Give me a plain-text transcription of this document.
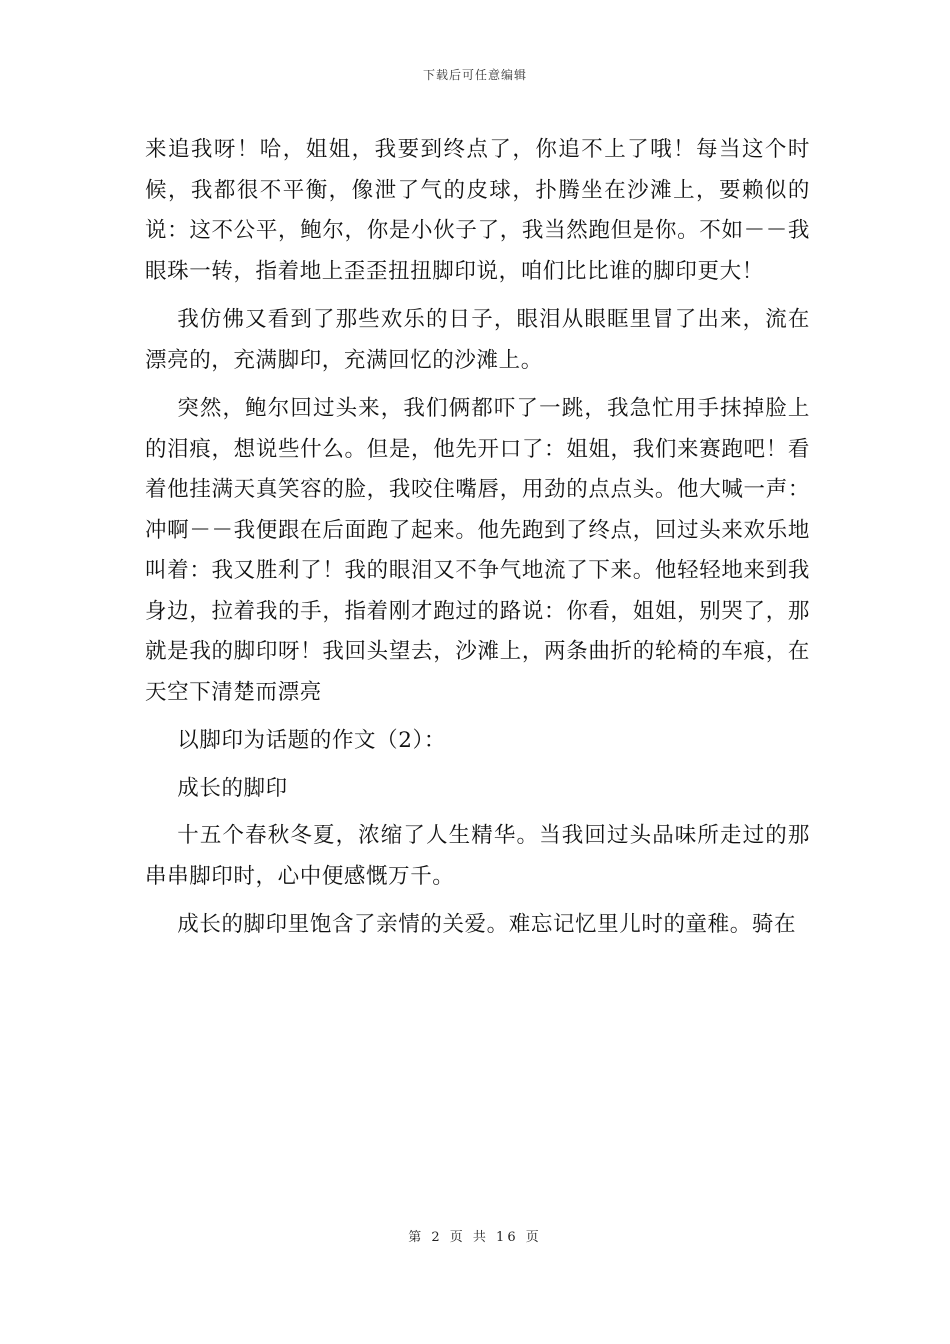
下载后可任意编辑

来追我呀！哈，姐姐，我要到终点了，你追不上了哦！每当这个时候，我都很不平衡，像泄了气的皮球，扑腾坐在沙滩上，要赖似的说：这不公平，鲍尔，你是小伙子了，我当然跑但是你。不如－－我眼珠一转，指着地上歪歪扭扭脚印说，咱们比比谁的脚印更大！

我仿佛又看到了那些欢乐的日子，眼泪从眼眶里冒了出来，流在漂亮的，充满脚印，充满回忆的沙滩上。

突然，鲍尔回过头来，我们俩都吓了一跳，我急忙用手抹掉脸上的泪痕，想说些什么。但是，他先开口了：姐姐，我们来赛跑吧！看着他挂满天真笑容的脸，我咬住嘴唇，用劲的点点头。他大喊一声：冲啊－－我便跟在后面跑了起来。他先跑到了终点，回过头来欢乐地叫着：我又胜利了！我的眼泪又不争气地流了下来。他轻轻地来到我身边，拉着我的手，指着刚才跑过的路说：你看，姐姐，别哭了，那就是我的脚印呀！我回头望去，沙滩上，两条曲折的轮椅的车痕，在天空下清楚而漂亮

以脚印为话题的作文（2）：

成长的脚印

十五个春秋冬夏，浓缩了人生精华。当我回过头品味所走过的那串串脚印时，心中便感慨万千。

成长的脚印里饱含了亲情的关爱。难忘记忆里儿时的童稚。骑在

第 2 页 共 16 页
